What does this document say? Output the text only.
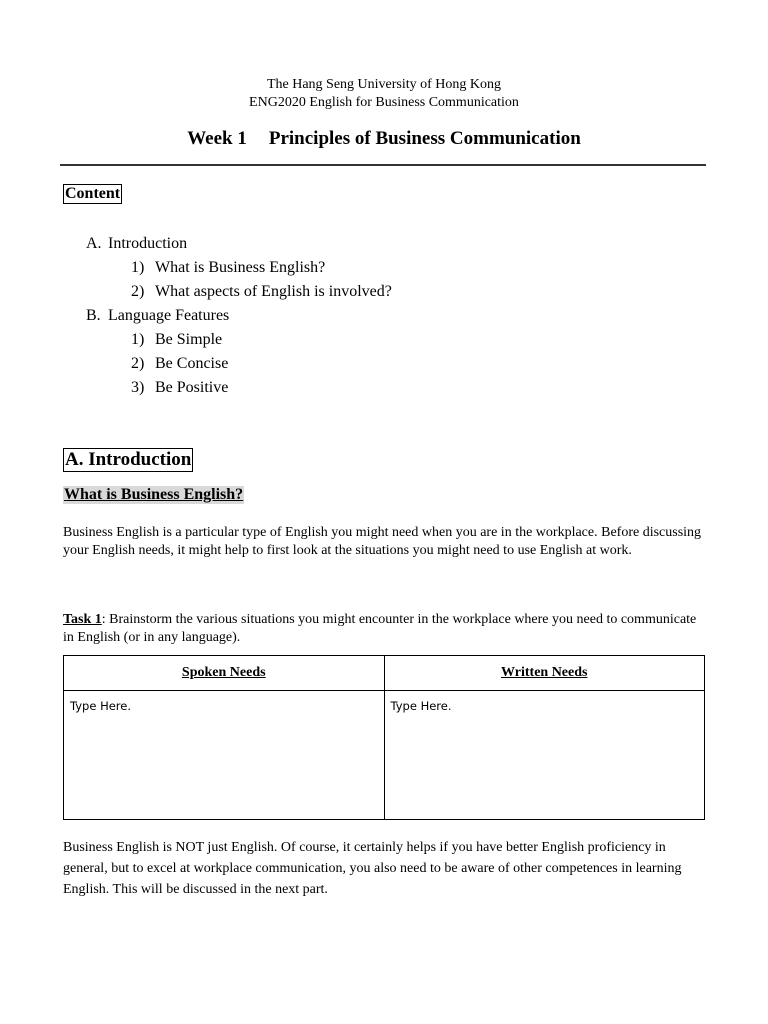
The Hang Seng University of Hong Kong
ENG2020 English for Business Communication
Week 1 Principles of Business Communication
Content
A. Introduction
1) What is Business English?
2) What aspects of English is involved?
B. Language Features
1) Be Simple
2) Be Concise
3) Be Positive
A. Introduction
What is Business English?
Business English is a particular type of English you might need when you are in the workplace. Before discussing your English needs, it might help to first look at the situations you might need to use English at work.
Task 1: Brainstorm the various situations you might encounter in the workplace where you need to communicate in English (or in any language).
Spoken Needs	Written Needs
Type Here.	Type Here.
Business English is NOT just English. Of course, it certainly helps if you have better English proficiency in general, but to excel at workplace communication, you also need to be aware of other competences in learning English. This will be discussed in the next part.
